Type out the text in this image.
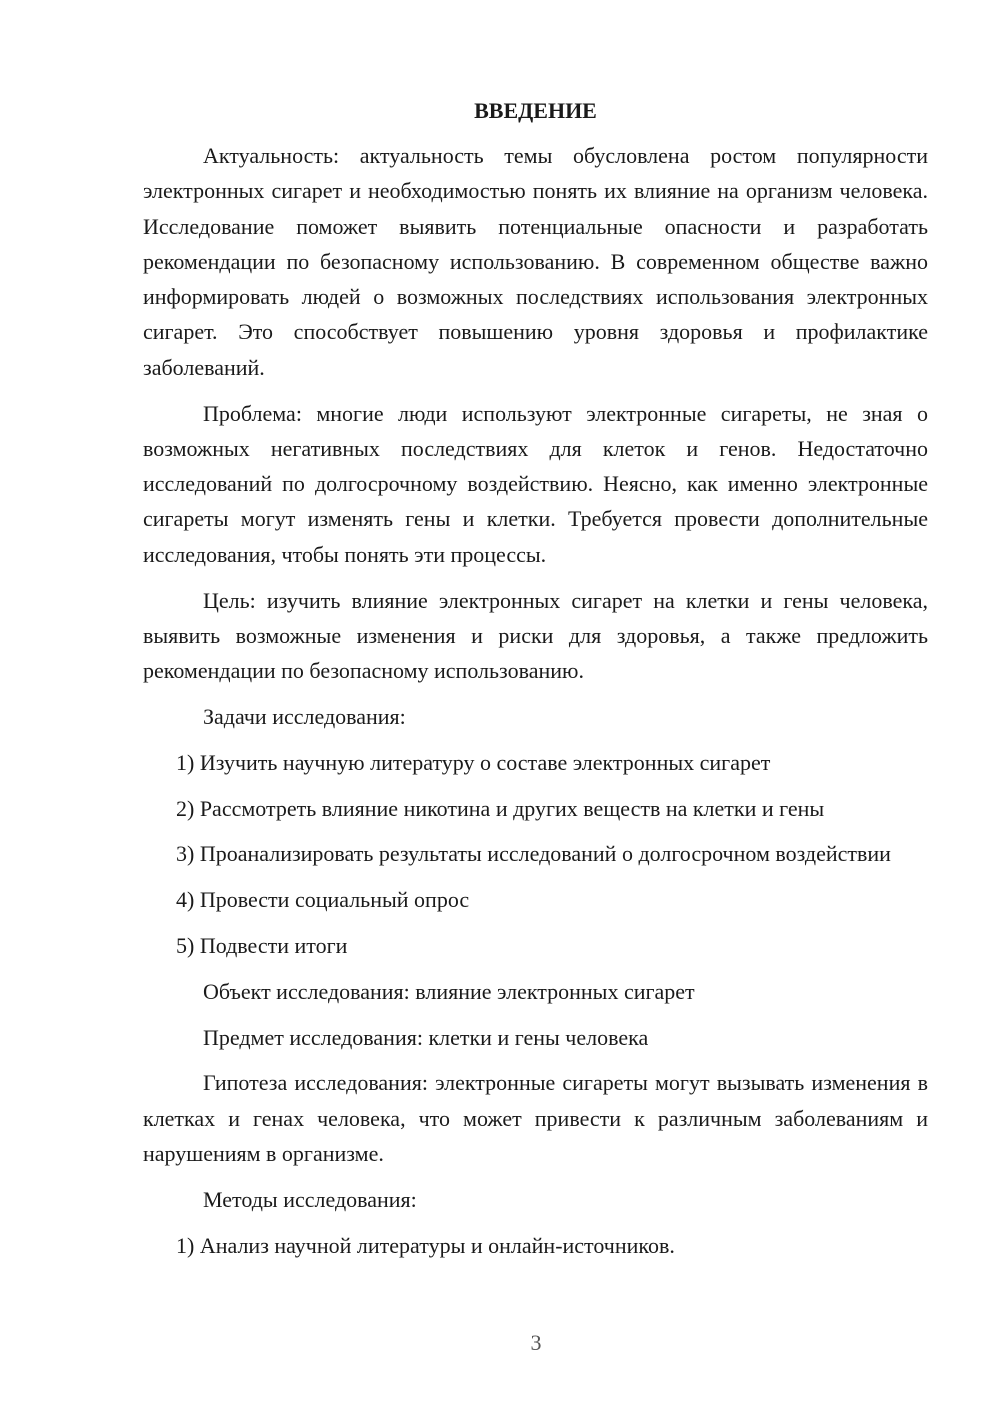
ВВЕДЕНИЕ

Актуальность: актуальность темы обусловлена ростом популярности электронных сигарет и необходимостью понять их влияние на организм человека. Исследование поможет выявить потенциальные опасности и разработать рекомендации по безопасному использованию. В современном обществе важно информировать людей о возможных последствиях использования электронных сигарет. Это способствует повышению уровня здоровья и профилактике заболеваний.

Проблема: многие люди используют электронные сигареты, не зная о возможных негативных последствиях для клеток и генов. Недостаточно исследований по долгосрочному воздействию. Неясно, как именно электронные сигареты могут изменять гены и клетки. Требуется провести дополнительные исследования, чтобы понять эти процессы.

Цель: изучить влияние электронных сигарет на клетки и гены человека, выявить возможные изменения и риски для здоровья, а также предложить рекомендации по безопасному использованию.

Задачи исследования:

1) Изучить научную литературу о составе электронных сигарет

2) Рассмотреть влияние никотина и других веществ на клетки и гены

3) Проанализировать результаты исследований о долгосрочном воздействии

4) Провести социальный опрос

5) Подвести итоги

Объект исследования: влияние электронных сигарет

Предмет исследования: клетки и гены человека

Гипотеза исследования: электронные сигареты могут вызывать изменения в клетках и генах человека, что может привести к различным заболеваниям и нарушениям в организме.

Методы исследования:

1) Анализ научной литературы и онлайн-источников.

3
